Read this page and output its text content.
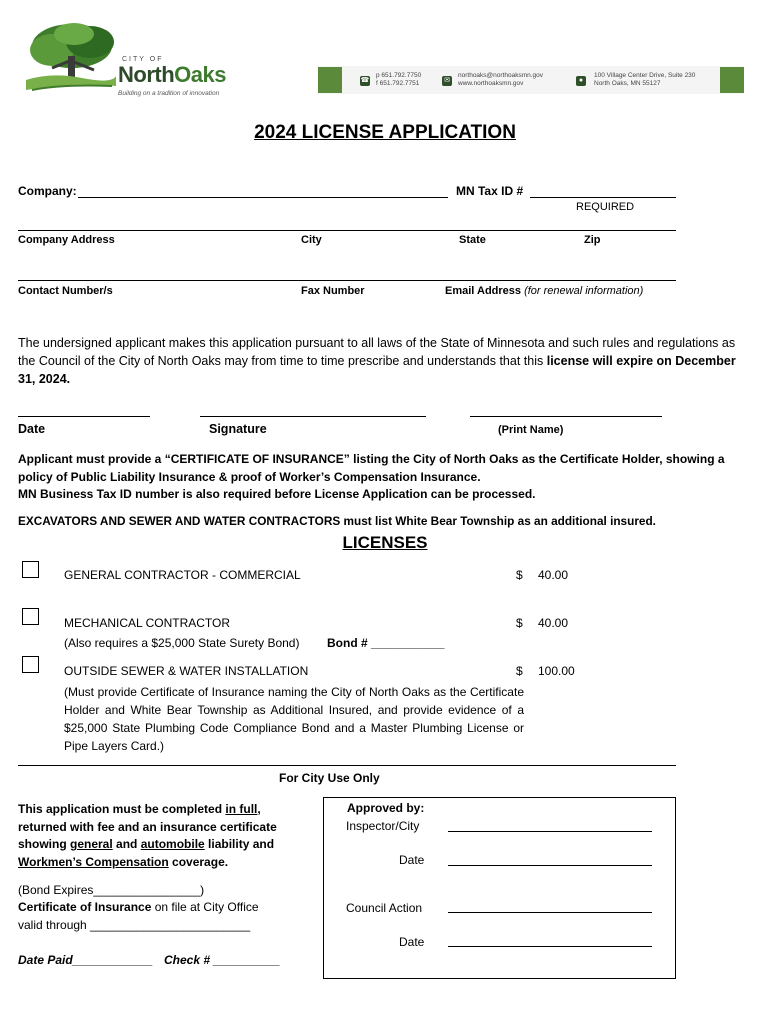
CITY OF
NorthOaks
Building on a tradition of innovation
☎
p 651.792.7750
f 651.792.7751	✉
northoaks@northoaksmn.gov
www.northoaksmn.gov	●
100 Village Center Drive, Suite 230
North Oaks, MN 55127
2024 LICENSE APPLICATION
Company:	MN Tax ID #
REQUIRED
Company Address	City	State	Zip
Contact Number/s	Fax Number	Email Address (for renewal information)
The undersigned applicant makes this application pursuant to all laws of the State of Minnesota and such rules and regulations as the Council of the City of North Oaks may from time to time prescribe and understands that this license will expire on December 31, 2024.
Date	Signature	(Print Name)
Applicant must provide a “CERTIFICATE OF INSURANCE” listing the City of North Oaks as the Certificate Holder, showing a policy of Public Liability Insurance & proof of Worker’s Compensation Insurance.
MN Business Tax ID number is also required before License Application can be processed.
EXCAVATORS AND SEWER AND WATER CONTRACTORS must list White Bear Township as an additional insured.
LICENSES
GENERAL CONTRACTOR - COMMERCIAL	$ 40.00
MECHANICAL CONTRACTOR	$ 40.00
(Also requires a $25,000 State Surety Bond) Bond # ___________
OUTSIDE SEWER & WATER INSTALLATION	$ 100.00
(Must provide Certificate of Insurance naming the City of North Oaks as the Certificate Holder and White Bear Township as Additional Insured, and provide evidence of a $25,000 State Plumbing Code Compliance Bond and a Master Plumbing License or Pipe Layers Card.)
For City Use Only
This application must be completed in full, returned with fee and an insurance certificate showing general and automobile liability and Workmen’s Compensation coverage.
(Bond Expires________________)
Certificate of Insurance on file at City Office
valid through ________________________
Date Paid____________ Check # __________
Approved by:
Inspector/City
Date
Council Action
Date
